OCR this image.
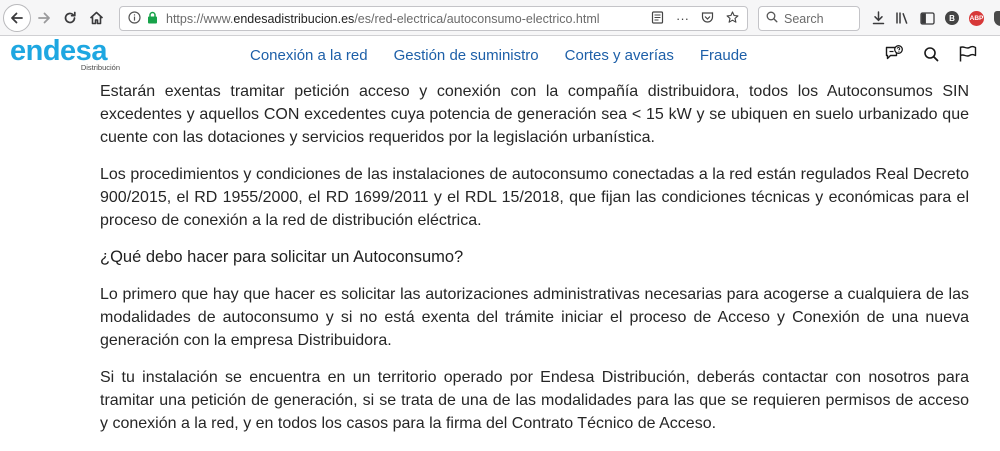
https://www.endesadistribucion.es/es/red-electrica/autoconsumo-electrico.html	···	Search	B	ABP
endesa
Distribución
Conexión a la red Gestión de suministro Cortes y averías Fraude

Estarán exentas tramitar petición acceso y conexión con la compañía distribuidora, todos los Autoconsumos SIN excedentes y aquellos CON excedentes cuya potencia de generación sea < 15 kW y se ubiquen en suelo urbanizado que cuente con las dotaciones y servicios requeridos por la legislación urbanística.

Los procedimientos y condiciones de las instalaciones de autoconsumo conectadas a la red están regulados Real Decreto 900/2015, el RD 1955/2000, el RD 1699/2011 y el RDL 15/2018, que fijan las condiciones técnicas y económicas para el proceso de conexión a la red de distribución eléctrica.

¿Qué debo hacer para solicitar un Autoconsumo?

Lo primero que hay que hacer es solicitar las autorizaciones administrativas necesarias para acogerse a cualquiera de las modalidades de autoconsumo y si no está exenta del trámite iniciar el proceso de Acceso y Conexión de una nueva generación con la empresa Distribuidora.

Si tu instalación se encuentra en un territorio operado por Endesa Distribución, deberás contactar con nosotros para tramitar una petición de generación, si se trata de una de las modalidades para las que se requieren permisos de acceso y conexión a la red, y en todos los casos para la firma del Contrato Técnico de Acceso.
